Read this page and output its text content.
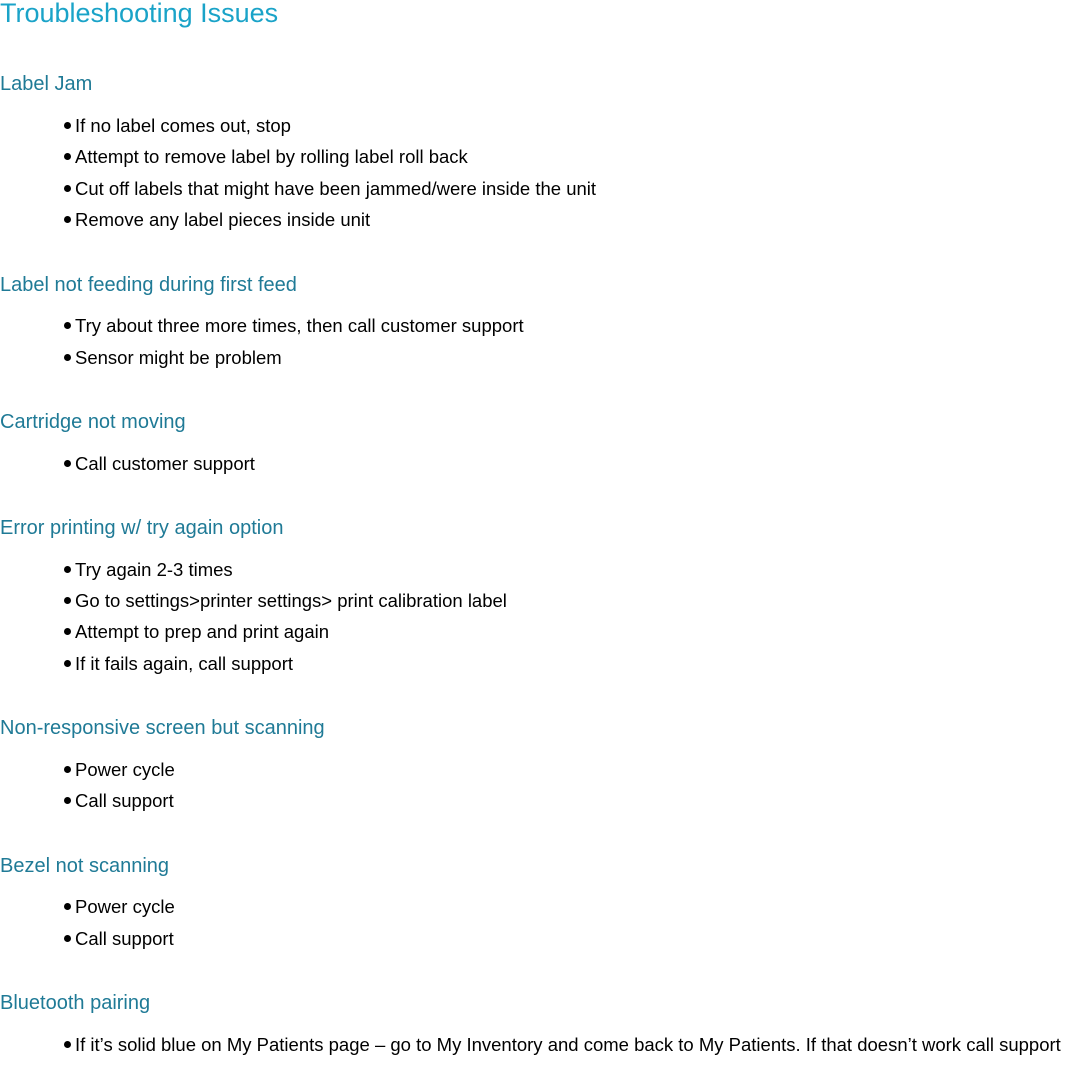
Troubleshooting Issues
Label Jam
If no label comes out, stop
Attempt to remove label by rolling label roll back
Cut off labels that might have been jammed/were inside the unit
Remove any label pieces inside unit
Label not feeding during first feed
Try about three more times, then call customer support
Sensor might be problem
Cartridge not moving
Call customer support
Error printing w/ try again option
Try again 2-3 times
Go to settings>printer settings> print calibration label
Attempt to prep and print again
If it fails again, call support
Non-responsive screen but scanning
Power cycle
Call support
Bezel not scanning
Power cycle
Call support
Bluetooth pairing
If it’s solid blue on My Patients page – go to My Inventory and come back to My Patients. If that doesn’t work call support
